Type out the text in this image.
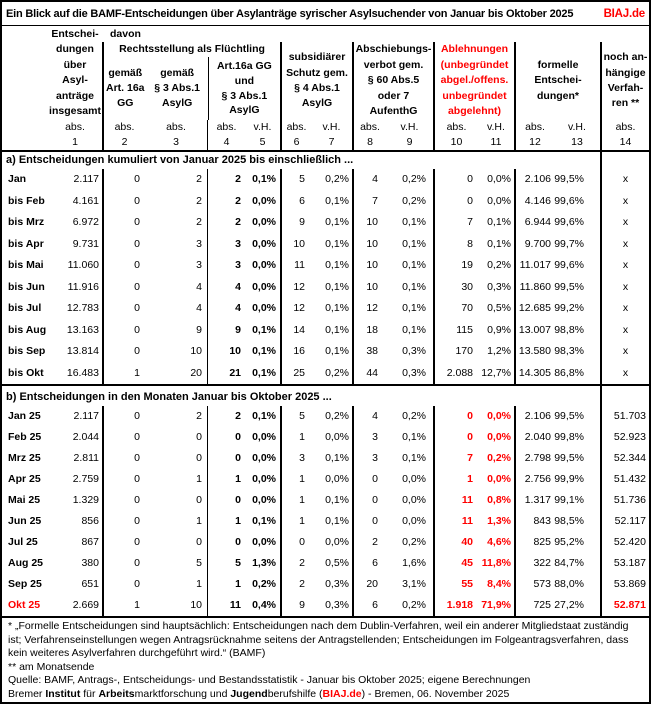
Ein Blick auf die BAMF-Entscheidungen über Asylanträge syrischer Asylsuchender von Januar bis Oktober 2025	BIAJ.de
Entschei-	davon
dungen
über
Asyl-
anträge
insgesamt
Rechtsstellung als Flüchtling
gemäß
Art. 16a
GG
gemäß
§ 3 Abs.1
AsylG
Art.16a GG
und
§ 3 Abs.1
AsylG
subsidiärer
Schutz gem.
§ 4 Abs.1
AsylG
Abschiebungs-
verbot gem.
§ 60 Abs.5
oder 7
AufenthG
Ablehnungen
(unbegründet
abgel./offens.
unbegründet
abgelehnt)
formelle
Entschei-
dungen*
noch an-
hängige
Verfah-
ren **
abs.	abs.	abs.	abs.	v.H.	abs.	v.H.	abs.	v.H.	abs.	v.H.	abs.	v.H.	abs.
1	2	3	4	5	6	7	8	9	10	11	12	13	14
a) Entscheidungen kumuliert von Januar 2025 bis einschließlich ...
Jan	2.117	0	2	2	0,1%	5	0,2%	4	0,2%	0	0,0%	2.106 99,5%	x
bis Feb	4.161	0	2	2	0,0%	6	0,1%	7	0,2%	0	0,0%	4.146 99,6%	x
bis Mrz	6.972	0	2	2	0,0%	9	0,1%	10	0,1%	7	0,1%	6.944 99,6%	x
bis Apr	9.731	0	3	3	0,0%	10	0,1%	10	0,1%	8	0,1%	9.700 99,7%	x
bis Mai	11.060	0	3	3	0,0%	11	0,1%	10	0,1%	19	0,2% 11.017 99,6%	x
bis Jun	11.916	0	4	4	0,0%	12	0,1%	10	0,1%	30	0,3% 11.860 99,5%	x
bis Jul	12.783	0	4	4	0,0%	12	0,1%	12	0,1%	70	0,5% 12.685 99,2%	x
bis Aug	13.163	0	9	9	0,1%	14	0,1%	18	0,1%	115	0,9% 13.007 98,8%	x
bis Sep	13.814	0	10	10	0,1%	16	0,1%	38	0,3%	170	1,2% 13.580 98,3%	x
bis Okt	16.483	1	20	21	0,1%	25	0,2%	44	0,3%	2.088 12,7% 14.305 86,8%	x
b) Entscheidungen in den Monaten Januar bis Oktober 2025 ...
Jan 25	2.117	0	2	2	0,1%	5	0,2%	4	0,2%	0	0,0%	2.106 99,5%	51.703
Feb 25	2.044	0	0	0	0,0%	1	0,0%	3	0,1%	0	0,0%	2.040 99,8%	52.923
Mrz 25	2.811	0	0	0	0,0%	3	0,1%	3	0,1%	7	0,2%	2.798 99,5%	52.344
Apr 25	2.759	0	1	1	0,0%	1	0,0%	0	0,0%	1	0,0%	2.756 99,9%	51.432
Mai 25	1.329	0	0	0	0,0%	1	0,1%	0	0,0%	11	0,8%	1.317 99,1%	51.736
Jun 25	856	0	1	1	0,1%	1	0,1%	0	0,0%	11	1,3%	843 98,5%	52.117
Jul 25	867	0	0	0	0,0%	0	0,0%	2	0,2%	40	4,6%	825 95,2%	52.420
Aug 25	380	0	5	5	1,3%	2	0,5%	6	1,6%	45 11,8%	322 84,7%	53.187
Sep 25	651	0	1	1	0,2%	2	0,3%	20	3,1%	55	8,4%	573 88,0%	53.869
Okt 25	2.669	1	10	11	0,4%	9	0,3%	6	0,2%	1.918 71,9%	725 27,2%	52.871
* „Formelle Entscheidungen sind hauptsächlich: Entscheidungen nach dem Dublin-Verfahren, weil ein anderer Mitgliedstaat zuständig
ist; Verfahrenseinstellungen wegen Antragsrücknahme seitens der Antragstellenden; Entscheidungen im Folgeantragsverfahren, dass
kein weiteres Asylverfahren durchgeführt wird.“ (BAMF)
** am Monatsende
Quelle: BAMF, Antrags-, Entscheidungs- und Bestandsstatistik - Januar bis Oktober 2025; eigene Berechnungen
Bremer Institut für Arbeitsmarktforschung und Jugendberufshilfe (BIAJ.de) - Bremen, 06. November 2025
